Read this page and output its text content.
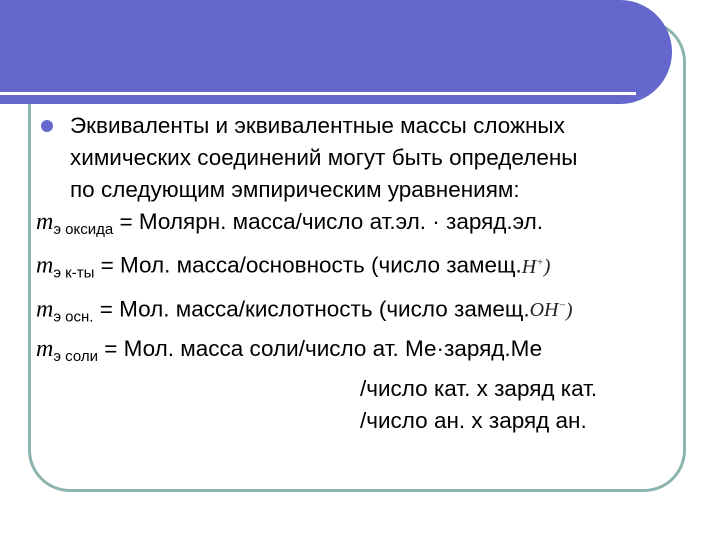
Эквиваленты и эквивалентные массы сложных
химических соединений могут быть определены
по следующим эмпирическим уравнениям:
$m_{э оксида}$ = Молярн. масса/число ат.эл. · заряд.эл.
$m_{э к-ты}$ = Мол. масса/основность (число замещ.H+)
$m_{э осн.}$ = Мол. масса/кислотность (число замещ.OH−)
$m_{э соли}$ = Мол. масса соли/число ат. Ме·заряд.Ме
/число кат. х заряд кат.
/число ан. х заряд ан.
